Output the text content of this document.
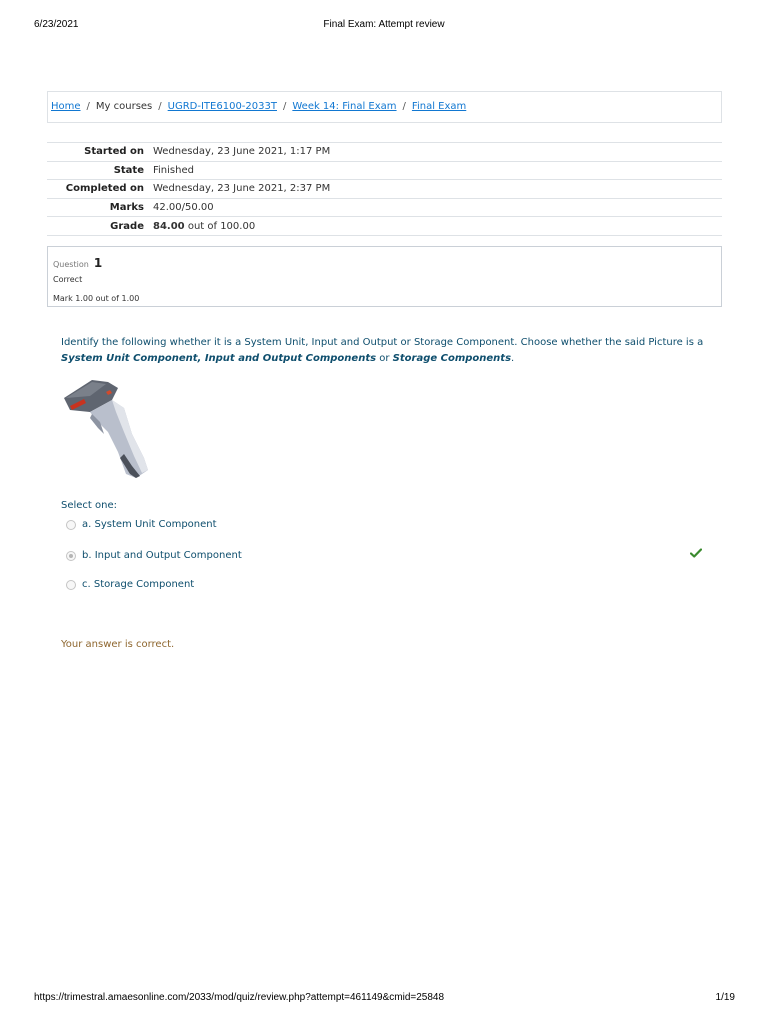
6/23/2021	Final Exam: Attempt review
Home / My courses / UGRD-ITE6100-2033T / Week 14: Final Exam / Final Exam
Started on	Wednesday, 23 June 2021, 1:17 PM
State	Finished
Completed on	Wednesday, 23 June 2021, 2:37 PM
Marks	42.00/50.00
Grade	84.00 out of 100.00
Question 1
Correct
Mark 1.00 out of 1.00
Identify the following whether it is a System Unit, Input and Output or Storage Component. Choose whether the said Picture is a System Unit Component, Input and Output Components or Storage Components.
Select one:
a. System Unit Component
b. Input and Output Component
c. Storage Component
Your answer is correct.
https://trimestral.amaesonline.com/2033/mod/quiz/review.php?attempt=461149&cmid=25848	1/19
